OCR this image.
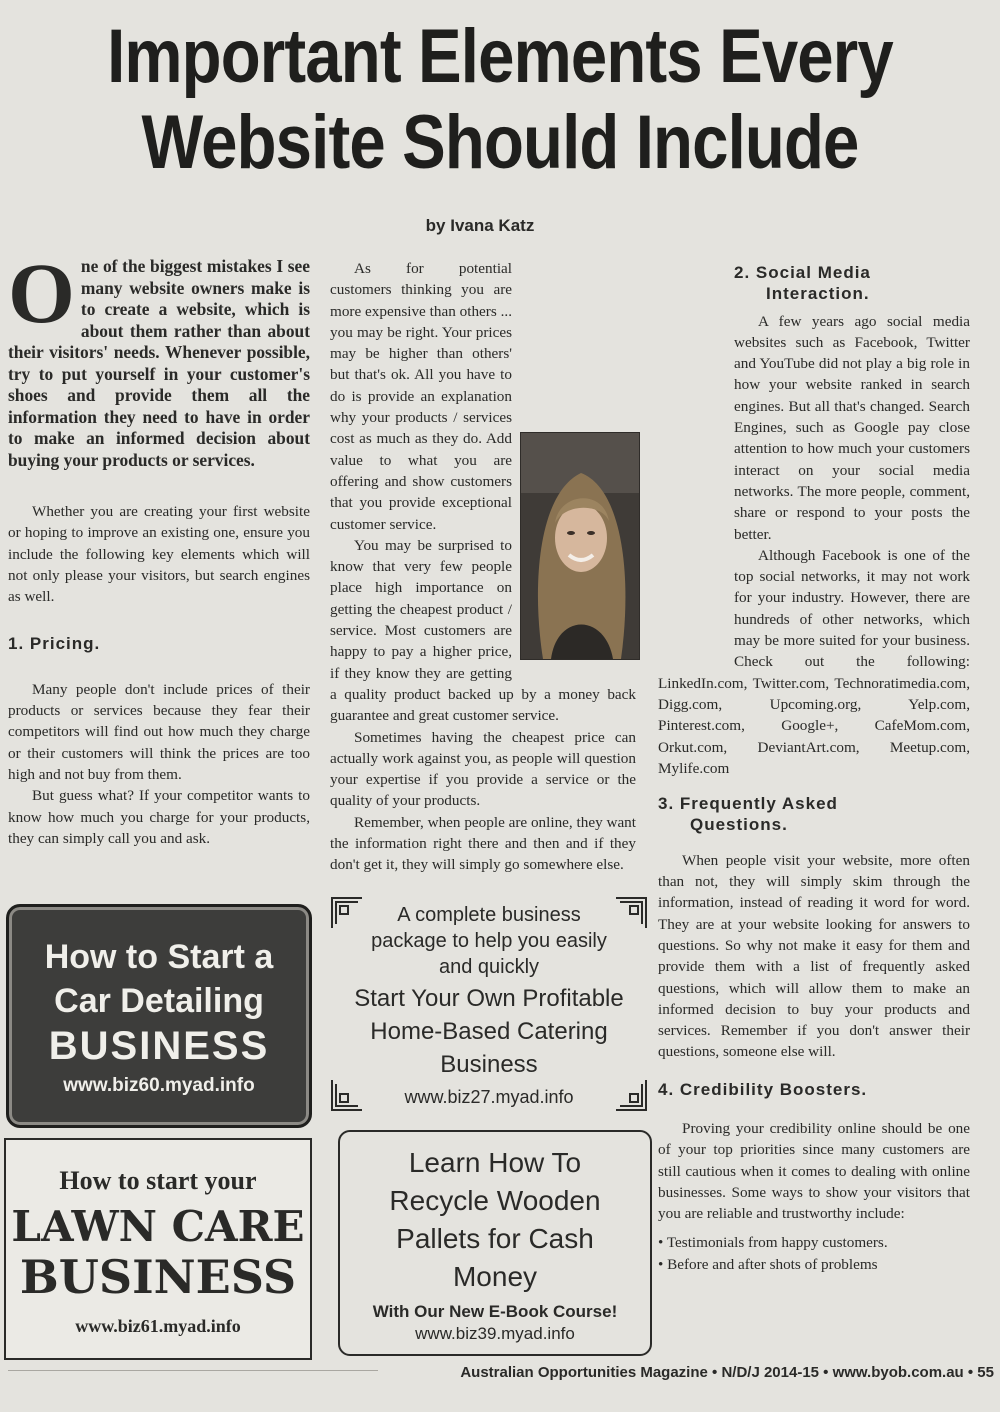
Important Elements Every
Website Should Include
by Ivana Katz
One of the biggest mistakes I see many website owners make is to create a website, which is about them rather than about their visitors' needs. Whenever possible, try to put yourself in your customer's shoes and provide them all the information they need to have in order to make an informed decision about buying your products or services.

Whether you are creating your first website or hoping to improve an existing one, ensure you include the following key elements which will not only please your visitors, but search engines as well.

1. Pricing.

Many people don't include prices of their products or services because they fear their competitors will find out how much they charge or their customers will think the prices are too high and not buy from them.

But guess what? If your competitor wants to know how much you charge for your products, they can simply call you and ask.

As for potential customers thinking you are more expensive than others ... you may be right. Your prices may be higher than others' but that's ok. All you have to do is provide an explanation why your products / services cost as much as they do. Add value to what you are offering and show customers that you provide exceptional customer service.

You may be surprised to know that very few people place high importance on getting the cheapest product / service. Most customers are happy to pay a higher price, if they know they are getting a quality product backed up by a money back guarantee and great customer service.

Sometimes having the cheapest price can actually work against you, as people will question your expertise if you provide a service or the quality of your products.

Remember, when people are online, they want the information right there and then and if they don't get it, they will simply go somewhere else.

2. Social Media
Interaction.

A few years ago social media websites such as Facebook, Twitter and YouTube did not play a big role in how your website ranked in search engines. But all that's changed. Search Engines, such as Google pay close attention to how much your customers interact on your social media networks. The more people, comment, share or respond to your posts the better.

Although Facebook is one of the top social networks, it may not work for your industry. However, there are hundreds of other networks, which may be more suited for your business. Check out the following: LinkedIn.com, Twitter.com, Technoratimedia.com, Digg.com, Upcoming.org, Yelp.com, Pinterest.com, Google+, CafeMom.com, Orkut.com, DeviantArt.com, Meetup.com, Mylife.com

3. Frequently Asked
Questions.

When people visit your website, more often than not, they will simply skim through the information, instead of reading it word for word. They are at your website looking for answers to questions. So why not make it easy for them and provide them with a list of frequently asked questions, which will allow them to make an informed decision to buy your products and services. Remember if you don't answer their questions, someone else will.

4. Credibility Boosters.

Proving your credibility online should be one of your top priorities since many customers are still cautious when it comes to dealing with online businesses. Some ways to show your visitors that you are reliable and trustworthy include:

• Testimonials from happy customers.

• Before and after shots of problems

How to Start a
Car Detailing
BUSINESS
www.biz60.myad.info
A complete business package to help you easily and quickly
Start Your Own Profitable Home-Based Catering Business
www.biz27.myad.info
How to start your
LAWN CARE
BUSINESS
www.biz61.myad.info
Learn How To Recycle Wooden Pallets for Cash Money
With Our New E-Book Course!
www.biz39.myad.info
Australian Opportunities Magazine • N/D/J 2014-15 • www.byob.com.au • 55
